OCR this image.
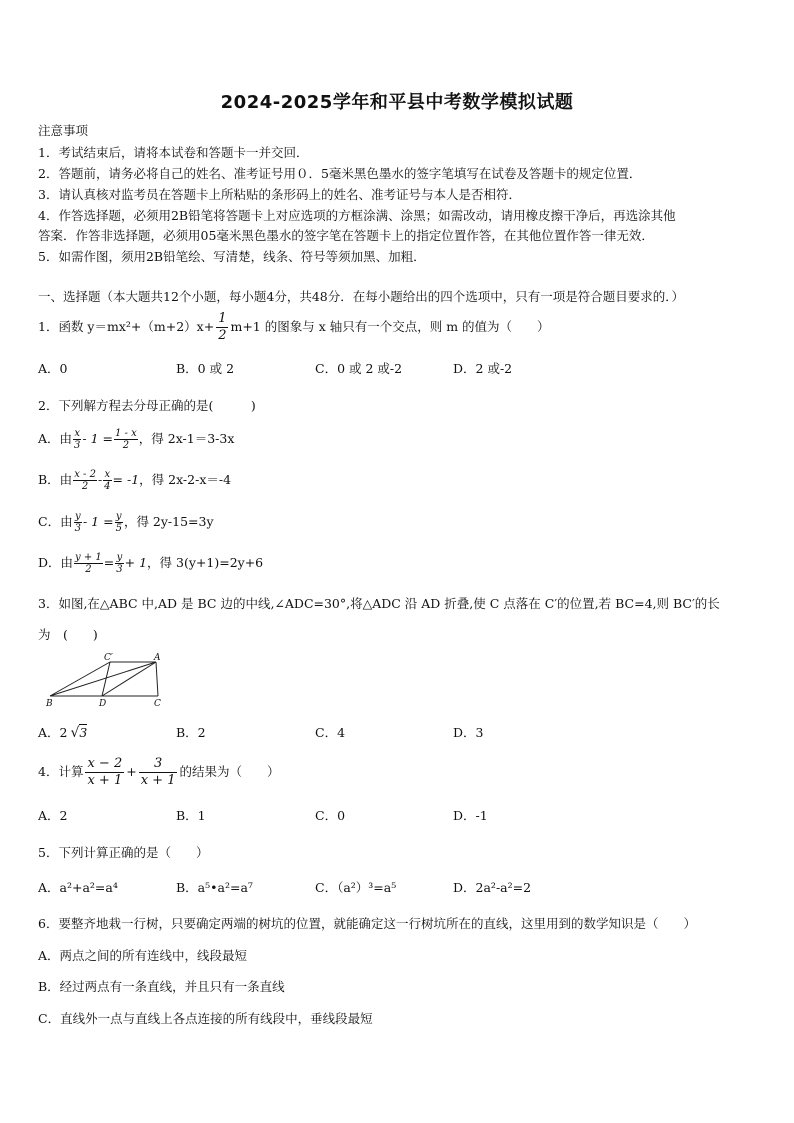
2024-2025学年和平县中考数学模拟试题
注意事项
1．考试结束后，请将本试卷和答题卡一并交回．
2．答题前，请务必将自己的姓名、准考证号用０．5毫米黑色墨水的签字笔填写在试卷及答题卡的规定位置．
3．请认真核对监考员在答题卡上所粘贴的条形码上的姓名、准考证号与本人是否相符．
4．作答选择题，必须用2B铅笔将答题卡上对应选项的方框涂满、涂黑；如需改动，请用橡皮擦干净后，再选涂其他
答案．作答非选择题，必须用05毫米黑色墨水的签字笔在答题卡上的指定位置作答，在其他位置作答一律无效．
5．如需作图，须用2B铅笔绘、写清楚，线条、符号等须加黑、加粗．
一、选择题（本大题共12个小题，每小题4分，共48分．在每小题给出的四个选项中，只有一项是符合题目要求的．）
1．函数 $y=mx^2+(m+2)x+ \frac{1}{2} m+1$ 的图象与 x 轴只有一个交点，则 m 的值为（　　）
A．0	B．0 或 2	C．0 或 2 或-2	D．2 或-2
2．下列解方程去分母正确的是(　　　)
A．由 $\frac{x}{3} - 1 = \frac{1 - x}{2}$ ，得 2x-1＝3-3x
B．由 $\frac{x - 2}{2} - \frac{x}{4} = -1$，得 2x-2-x＝-4
C．由 $\frac{y}{3} - 1 = \frac{y}{5}$ ，得 2y-15=3y
D．由 $\frac{y + 1}{2} = \frac{y}{3} + 1$，得 3(y+1)=2y+6
3．如图,在△ABC 中,AD 是 BC 边的中线,∠ADC=30°,将△ADC 沿 AD 折叠,使 C 点落在 C′的位置,若 BC=4,则 BC′的长
为　(　　)
C′	A
B	D	C
A．2 √3	B．2	C．4	D．3
4．计算 $\frac{x - 2}{x + 1} + \frac{3}{x + 1}$ 的结果为（　　）
A．2	B．1	C．0	D．-1
5．下列计算正确的是（　　）
A．a²+a²=a⁴	B．a⁵•a²=a⁷	C．（a²）³=a⁵	D．2a²-a²=2
6．要整齐地栽一行树，只要确定两端的树坑的位置，就能确定这一行树坑所在的直线，这里用到的数学知识是（　　）
A．两点之间的所有连线中，线段最短
B．经过两点有一条直线，并且只有一条直线
C．直线外一点与直线上各点连接的所有线段中，垂线段最短
